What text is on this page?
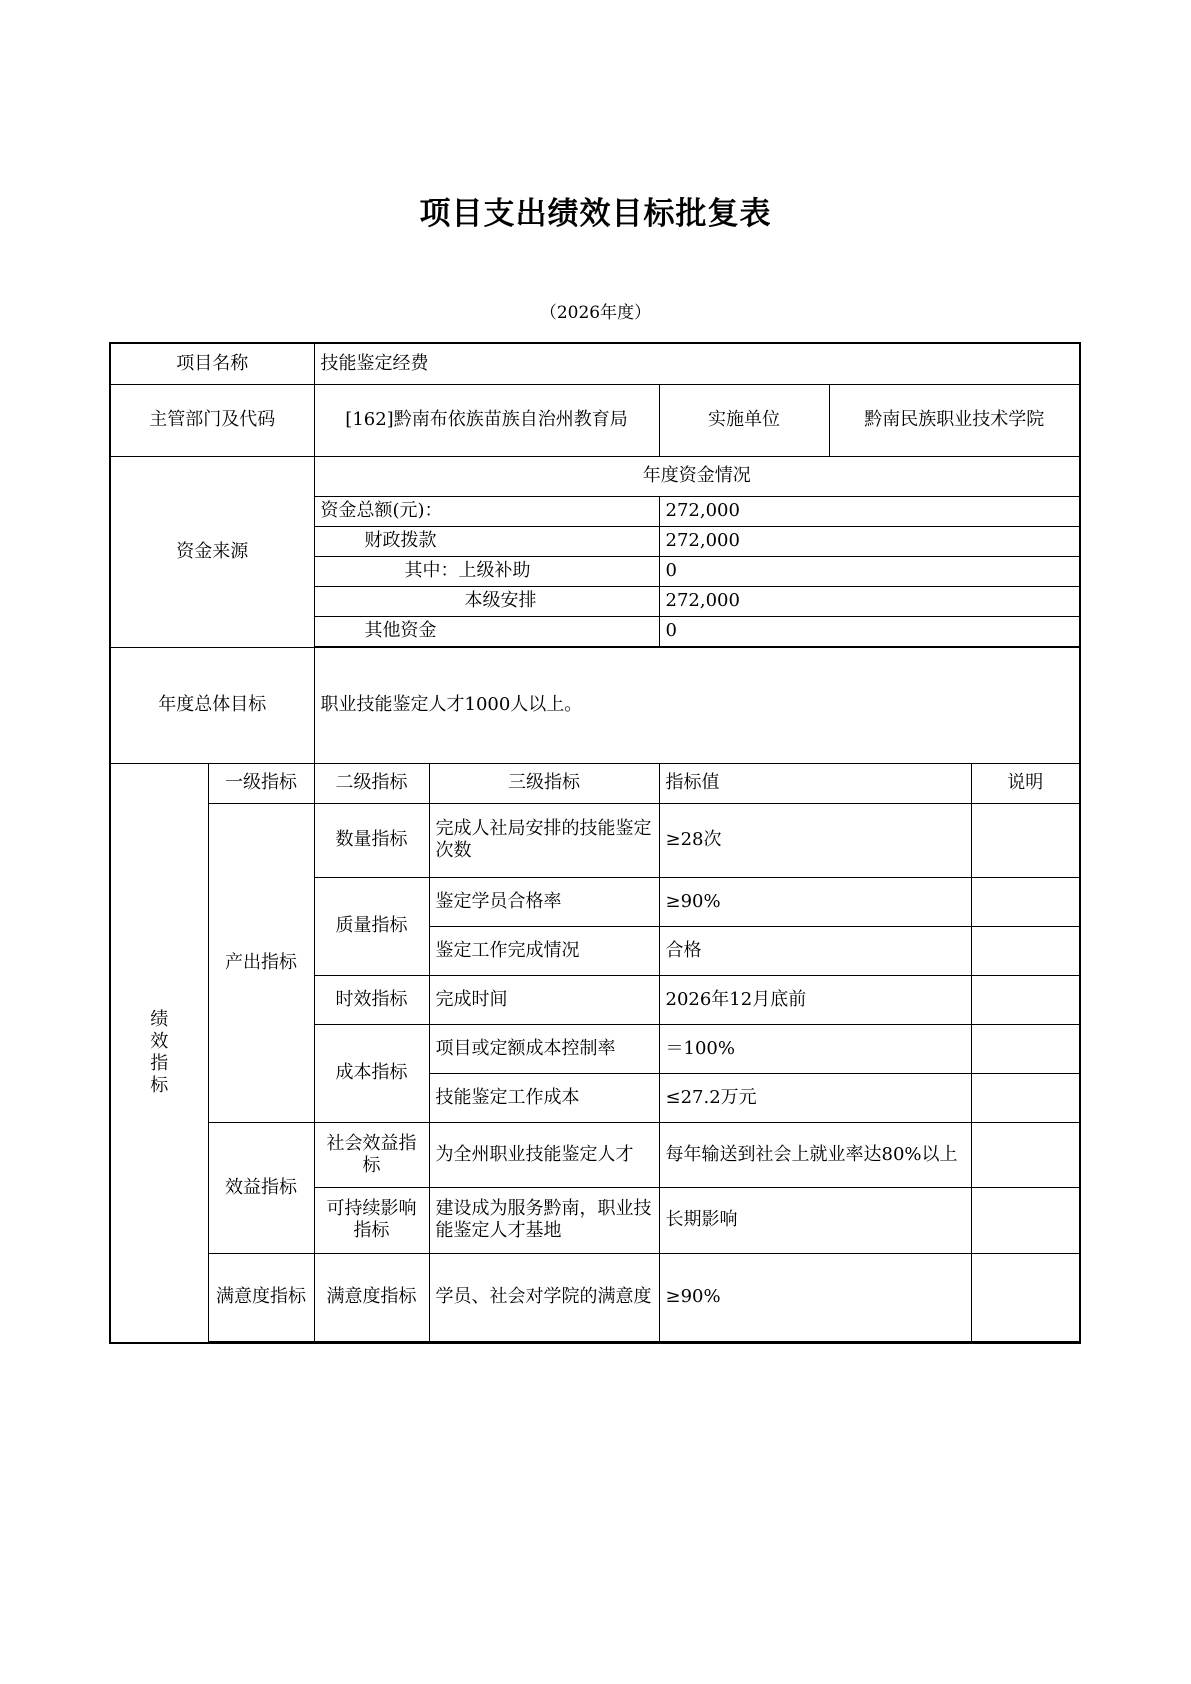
项目支出绩效目标批复表
（2026年度）
项目名称		技能鉴定经费				
主管部门及代码		[162]黔南布依族苗族自治州教育局		实施单位	黔南民族职业技术学院	
资金来源		年度资金情况				
		资金总额(元)：		272,000		
		财政拨款		272,000		
		其中：上级补助		0		
		本级安排		272,000		
		其他资金		0		

年度总体目标		职业技能鉴定人才1000人以上。				
绩效指标	一级指标	二级指标	三级指标	指标值		说明
	产出指标	数量指标	完成人社局安排的技能鉴定次数	≥28次		
		质量指标	鉴定学员合格率	≥90%		
			鉴定工作完成情况	合格		
		时效指标	完成时间	2026年12月底前		
		成本指标	项目或定额成本控制率	＝100%		
			技能鉴定工作成本	≤27.2万元		
	效益指标	社会效益指标	为全州职业技能鉴定人才	每年输送到社会上就业率达80%以上		
		可持续影响指标	建设成为服务黔南，职业技能鉴定人才基地	长期影响		
	满意度指标	满意度指标	学员、社会对学院的满意度	≥90%		
